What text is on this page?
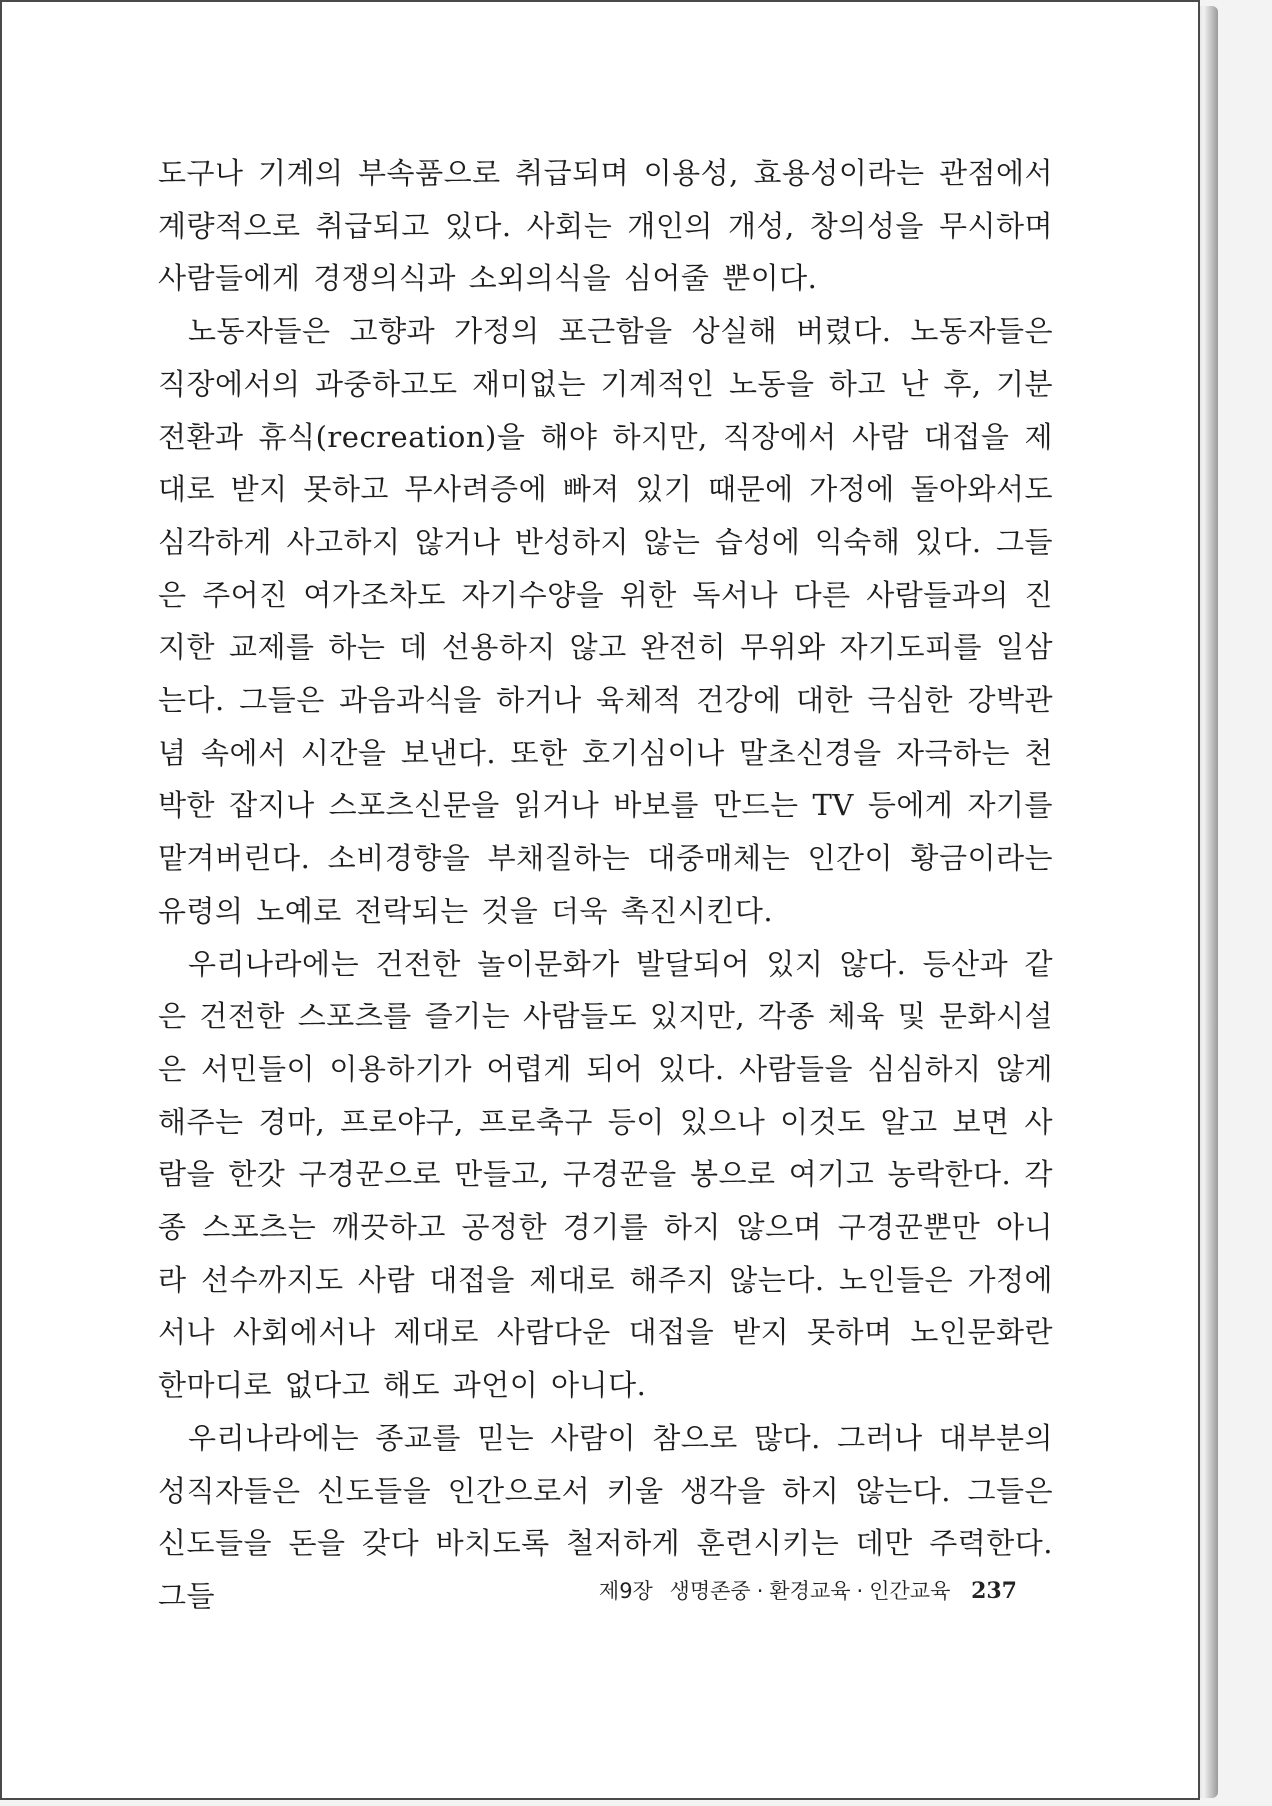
도구나 기계의 부속품으로 취급되며 이용성, 효용성이라는 관점에서 계량적으로 취급되고 있다. 사회는 개인의 개성, 창의성을 무시하며 사람들에게 경쟁의식과 소외의식을 심어줄 뿐이다.

노동자들은 고향과 가정의 포근함을 상실해 버렸다. 노동자들은 직장에서의 과중하고도 재미없는 기계적인 노동을 하고 난 후, 기분전환과 휴식(recreation)을 해야 하지만, 직장에서 사람 대접을 제대로 받지 못하고 무사려증에 빠져 있기 때문에 가정에 돌아와서도 심각하게 사고하지 않거나 반성하지 않는 습성에 익숙해 있다. 그들은 주어진 여가조차도 자기수양을 위한 독서나 다른 사람들과의 진지한 교제를 하는 데 선용하지 않고 완전히 무위와 자기도피를 일삼는다. 그들은 과음과식을 하거나 육체적 건강에 대한 극심한 강박관념 속에서 시간을 보낸다. 또한 호기심이나 말초신경을 자극하는 천박한 잡지나 스포츠신문을 읽거나 바보를 만드는 TV 등에게 자기를 맡겨버린다. 소비경향을 부채질하는 대중매체는 인간이 황금이라는 유령의 노예로 전락되는 것을 더욱 촉진시킨다.

우리나라에는 건전한 놀이문화가 발달되어 있지 않다. 등산과 같은 건전한 스포츠를 즐기는 사람들도 있지만, 각종 체육 및 문화시설은 서민들이 이용하기가 어렵게 되어 있다. 사람들을 심심하지 않게 해주는 경마, 프로야구, 프로축구 등이 있으나 이것도 알고 보면 사람을 한갓 구경꾼으로 만들고, 구경꾼을 봉으로 여기고 농락한다. 각종 스포츠는 깨끗하고 공정한 경기를 하지 않으며 구경꾼뿐만 아니라 선수까지도 사람 대접을 제대로 해주지 않는다. 노인들은 가정에서나 사회에서나 제대로 사람다운 대접을 받지 못하며 노인문화란 한마디로 없다고 해도 과언이 아니다.

우리나라에는 종교를 믿는 사람이 참으로 많다. 그러나 대부분의 성직자들은 신도들을 인간으로서 키울 생각을 하지 않는다. 그들은 신도들을 돈을 갖다 바치도록 철저하게 훈련시키는 데만 주력한다. 그들	제9장 생명존중 · 환경교육 · 인간교육 237
